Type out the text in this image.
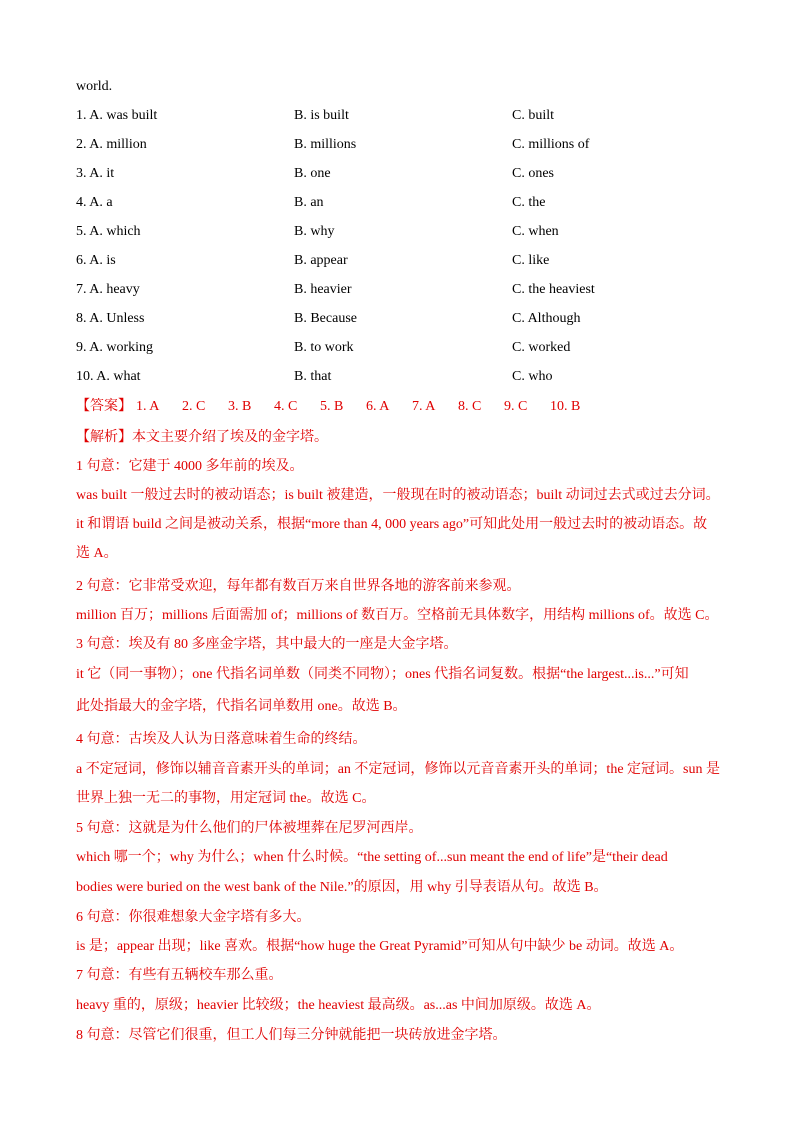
world.
1. A. was built	B. is built	C. built
2. A. million	B. millions	C. millions of
3. A. it	B. one	C. ones
4. A. a	B. an	C. the
5. A. which	B. why	C. when
6. A. is	B. appear	C. like
7. A. heavy	B. heavier	C. the heaviest
8. A. Unless	B. Because	C. Although
9. A. working	B. to work	C. worked
10. A. what	B. that	C. who
【答案】 1. A 2. C 3. B 4. C 5. B 6. A 7. A 8. C 9. C 10. B
【解析】本文主要介绍了埃及的金字塔。
1 句意：它建于 4000 多年前的埃及。
was built 一般过去时的被动语态；is built 被建造，一般现在时的被动语态；built 动词过去式或过去分词。
it 和谓语 build 之间是被动关系，根据“more than 4, 000 years ago”可知此处用一般过去时的被动语态。故
选 A。
2 句意：它非常受欢迎，每年都有数百万来自世界各地的游客前来参观。
million 百万；millions 后面需加 of；millions of 数百万。空格前无具体数字，用结构 millions of。故选 C。
3 句意：埃及有 80 多座金字塔，其中最大的一座是大金字塔。
it 它（同一事物）；one 代指名词单数（同类不同物）；ones 代指名词复数。根据“the largest...is...”可知
此处指最大的金字塔，代指名词单数用 one。故选 B。
4 句意：古埃及人认为日落意味着生命的终结。
a 不定冠词，修饰以辅音音素开头的单词；an 不定冠词，修饰以元音音素开头的单词；the 定冠词。sun 是
世界上独一无二的事物，用定冠词 the。故选 C。
5 句意：这就是为什么他们的尸体被埋葬在尼罗河西岸。
which 哪一个；why 为什么；when 什么时候。“the setting of...sun meant the end of life”是“their dead
bodies were buried on the west bank of the Nile.”的原因，用 why 引导表语从句。故选 B。
6 句意：你很难想象大金字塔有多大。
is 是；appear 出现；like 喜欢。根据“how huge the Great Pyramid”可知从句中缺少 be 动词。故选 A。
7 句意：有些有五辆校车那么重。
heavy 重的，原级；heavier 比较级；the heaviest 最高级。as...as 中间加原级。故选 A。
8 句意：尽管它们很重，但工人们每三分钟就能把一块砖放进金字塔。
